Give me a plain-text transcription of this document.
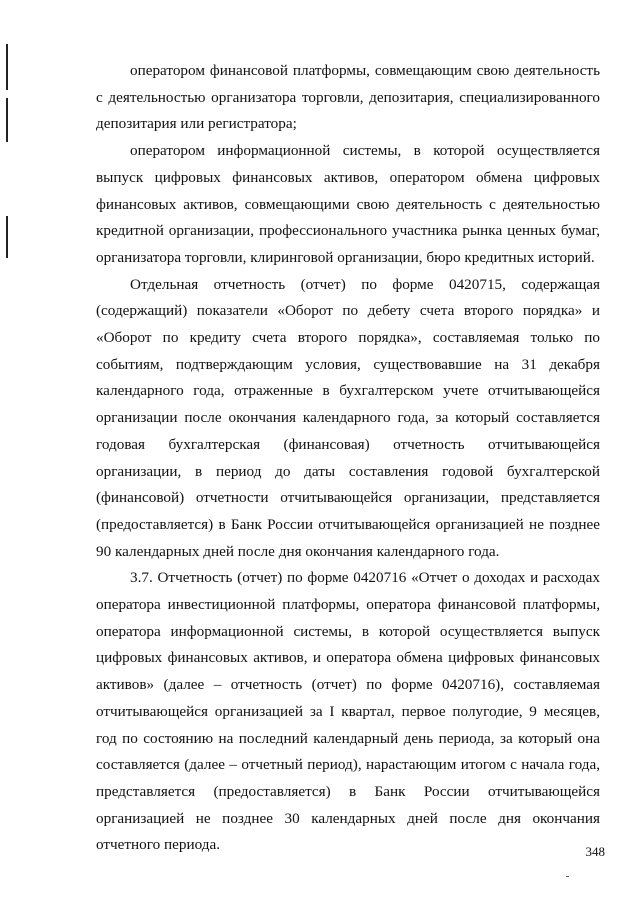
оператором финансовой платформы, совмещающим свою деятельность с деятельностью организатора торговли, депозитария, специализированного депозитария или регистратора;

оператором информационной системы, в которой осуществляется выпуск цифровых финансовых активов, оператором обмена цифровых финансовых активов, совмещающими свою деятельность с деятельностью кредитной организации, профессионального участника рынка ценных бумаг, организатора торговли, клиринговой организации, бюро кредитных историй.

Отдельная отчетность (отчет) по форме 0420715, содержащая (содержащий) показатели «Оборот по дебету счета второго порядка» и «Оборот по кредиту счета второго порядка», составляемая только по событиям, подтверждающим условия, существовавшие на 31 декабря календарного года, отраженные в бухгалтерском учете отчитывающейся организации после окончания календарного года, за который составляется годовая бухгалтерская (финансовая) отчетность отчитывающейся организации, в период до даты составления годовой бухгалтерской (финансовой) отчетности отчитывающейся организации, представляется (предоставляется) в Банк России отчитывающейся организацией не позднее 90 календарных дней после дня окончания календарного года.

3.7. Отчетность (отчет) по форме 0420716 «Отчет о доходах и расходах оператора инвестиционной платформы, оператора финансовой платформы, оператора информационной системы, в которой осуществляется выпуск цифровых финансовых активов, и оператора обмена цифровых финансовых активов» (далее – отчетность (отчет) по форме 0420716), составляемая отчитывающейся организацией за I квартал, первое полугодие, 9 месяцев, год по состоянию на последний календарный день периода, за который она составляется (далее – отчетный период), нарастающим итогом с начала года, представляется (предоставляется) в Банк России отчитывающейся организацией не позднее 30 календарных дней после дня окончания отчетного периода.	348
